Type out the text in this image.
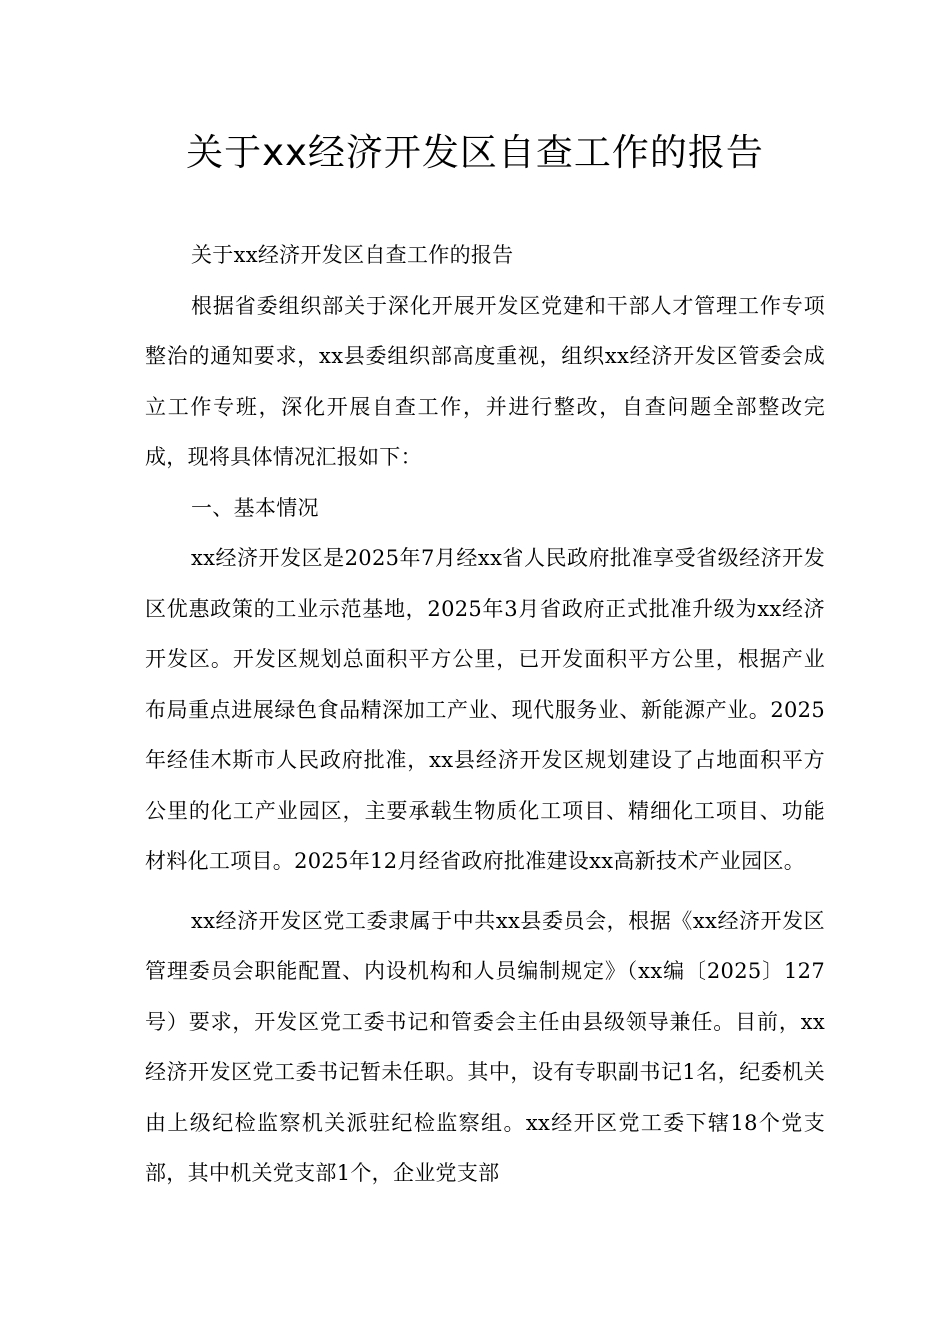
关于xx经济开发区自查工作的报告

关于xx经济开发区自查工作的报告

根据省委组织部关于深化开展开发区党建和干部人才管理工作专项整治的通知要求，xx县委组织部高度重视，组织xx经济开发区管委会成立工作专班，深化开展自查工作，并进行整改，自查问题全部整改完成，现将具体情况汇报如下：

一、基本情况

xx经济开发区是2025年7月经xx省人民政府批准享受省级经济开发区优惠政策的工业示范基地，2025年3月省政府正式批准升级为xx经济开发区。开发区规划总面积平方公里，已开发面积平方公里，根据产业布局重点进展绿色食品精深加工产业、现代服务业、新能源产业。2025年经佳木斯市人民政府批准，xx县经济开发区规划建设了占地面积平方公里的化工产业园区，主要承载生物质化工项目、精细化工项目、功能材料化工项目。2025年12月经省政府批准建设xx高新技术产业园区。

xx经济开发区党工委隶属于中共xx县委员会，根据《xx经济开发区管理委员会职能配置、内设机构和人员编制规定》（xx编〔2025〕127号）要求，开发区党工委书记和管委会主任由县级领导兼任。目前，xx经济开发区党工委书记暂未任职。其中，设有专职副书记1名，纪委机关由上级纪检监察机关派驻纪检监察组。xx经开区党工委下辖18个党支部，其中机关党支部1个，企业党支部
